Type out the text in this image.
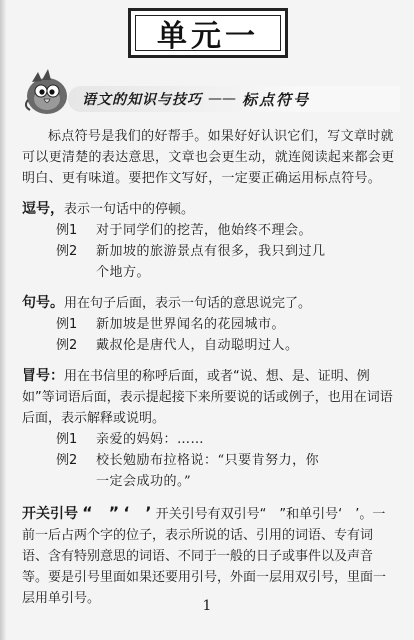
单元一
语文的知识与技巧 —— 标点符号

标点符号是我们的好帮手。如果好好认识它们，写文章时就可以更清楚的表达意思，文章也会更生动，就连阅读起来都会更明白、更有味道。要把作文写好，一定要正确运用标点符号。

逗号，表示一句话中的停顿。
例1	对于同学们的挖苦，他始终不理会。
例2	新加坡的旅游景点有很多，我只到过几
个地方。
句号。用在句子后面，表示一句话的意思说完了。
例1	新加坡是世界闻名的花园城市。
例2	戴叔伦是唐代人，自动聪明过人。
冒号：用在书信里的称呼后面，或者“说、想、是、证明、例如”等词语后面，表示提起接下来所要说的话或例子，也用在词语后面，表示解释或说明。
例1	亲爱的妈妈：……
例2	校长勉励布拉格说：“只要肯努力，你
一定会成功的。”
开关引号 “　” ‘　’ 开关引号有双引号“　”和单引号‘　’。一前一后占两个字的位子，表示所说的话、引用的词语、专有词语、含有特别意思的词语、不同于一般的日子或事件以及声音等。要是引号里面如果还要用引号，外面一层用双引号，里面一层用单引号。	1
